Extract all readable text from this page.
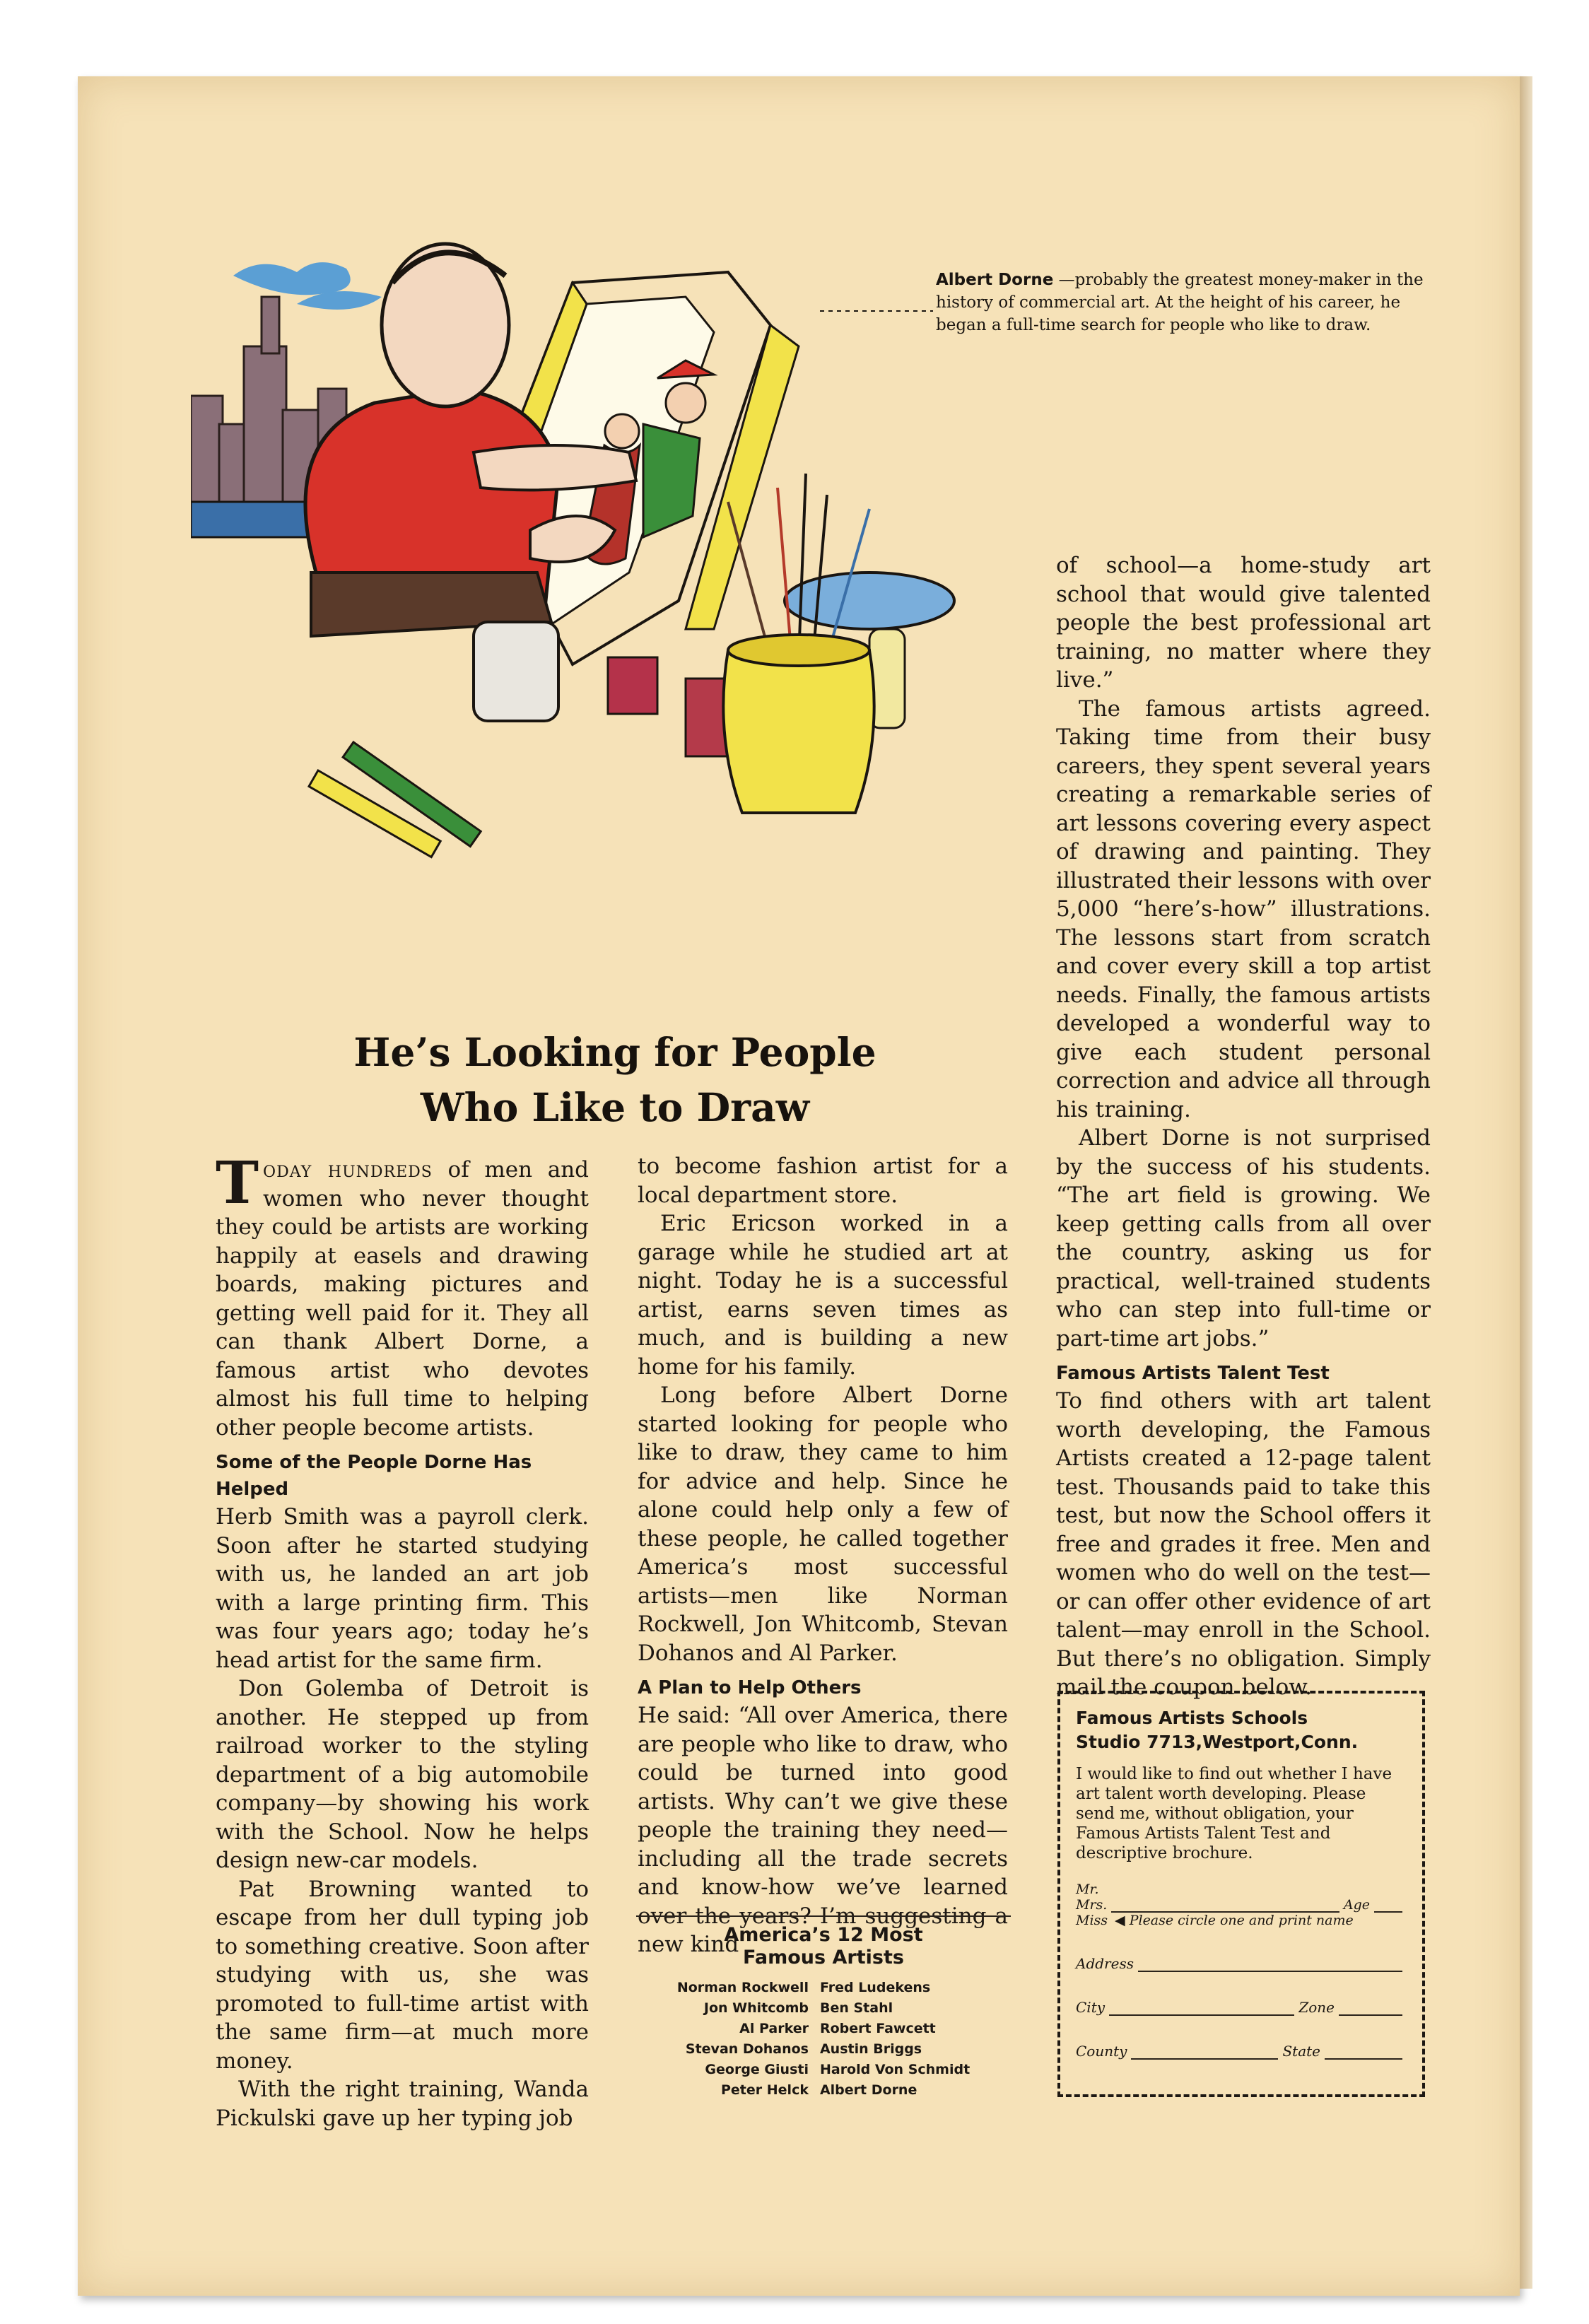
Albert Dorne —probably the greatest money-maker in the history of commercial art. At the height of his career, he began a full-time search for people who like to draw.
He’s Looking for People
Who Like to Draw

Today hundreds of men and women who never thought they could be artists are working happily at easels and drawing boards, making pictures and getting well paid for it. They all can thank Albert Dorne, a famous artist who devotes almost his full time to helping other people become artists.

Some of the People Dorne Has Helped

Herb Smith was a payroll clerk. Soon after he started studying with us, he landed an art job with a large printing firm. This was four years ago; today he’s head artist for the same firm.

Don Golemba of Detroit is another. He stepped up from railroad worker to the styling department of a big automobile company—by showing his work with the School. Now he helps design new-car models.

Pat Browning wanted to escape from her dull typing job to something creative. Soon after studying with us, she was promoted to full-time artist with the same firm—at much more money.

With the right training, Wanda Pickulski gave up her typing job

to become fashion artist for a local department store.

Eric Ericson worked in a garage while he studied art at night. Today he is a successful artist, earns seven times as much, and is building a new home for his family.

Long before Albert Dorne started looking for people who like to draw, they came to him for advice and help. Since he alone could help only a few of these people, he called together America’s most successful artists—men like Norman Rockwell, Jon Whitcomb, Stevan Dohanos and Al Parker.

A Plan to Help Others

He said: “All over America, there are people who like to draw, who could be turned into good artists. Why can’t we give these people the training they need—including all the trade secrets and know-how we’ve learned over the years? I’m suggesting a new kind

America’s 12 Most
Famous Artists
Norman Rockwell	Fred Ludekens
Jon Whitcomb	Ben Stahl
Al Parker	Robert Fawcett
Stevan Dohanos	Austin Briggs
George Giusti	Harold Von Schmidt
Peter Helck	Albert Dorne

of school—a home-study art school that would give talented people the best professional art training, no matter where they live.”

The famous artists agreed. Taking time from their busy careers, they spent several years creating a remarkable series of art lessons covering every aspect of drawing and painting. They illustrated their lessons with over 5,000 “here’s-how” illustrations. The lessons start from scratch and cover every skill a top artist needs. Finally, the famous artists developed a wonderful way to give each student personal correction and advice all through his training.

Albert Dorne is not surprised by the success of his students. “The art field is growing. We keep getting calls from all over the country, asking us for practical, well-trained students who can step into full-time or part-time art jobs.”

Famous Artists Talent Test

To find others with art talent worth developing, the Famous Artists created a 12-page talent test. Thousands paid to take this test, but now the School offers it free and grades it free. Men and women who do well on the test—or can offer other evidence of art talent—may enroll in the School. But there’s no obligation. Simply mail the coupon below.

Famous Artists Schools
Studio 7713,Westport,Conn.
I would like to find out whether I have art talent worth developing. Please send me, without obligation, your Famous Artists Talent Test and descriptive brochure.
Mr.
Mrs.	Age
Miss ◀ Please circle one and print name
Address
City	Zone
County	State
